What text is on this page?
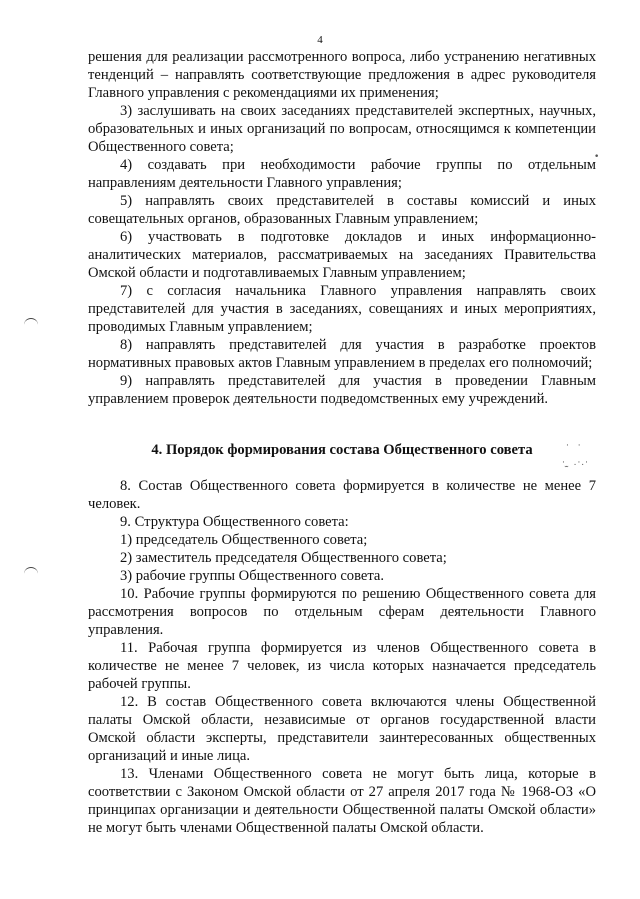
4
•
· ·
· ̫ .·.·

решения для реализации рассмотренного вопроса, либо устранению негативных тенденций – направлять соответствующие предложения в адрес руководителя Главного управления с рекомендациями их применения;

3) заслушивать на своих заседаниях представителей экспертных, научных, образовательных и иных организаций по вопросам, относящимся к компетенции Общественного совета;

4) создавать при необходимости рабочие группы по отдельным направлениям деятельности Главного управления;

5) направлять своих представителей в составы комиссий и иных совещательных органов, образованных Главным управлением;

6) участвовать в подготовке докладов и иных информационно-аналитических материалов, рассматриваемых на заседаниях Правительства Омской области и подготавливаемых Главным управлением;

7) с согласия начальника Главного управления направлять своих представителей для участия в заседаниях, совещаниях и иных мероприятиях, проводимых Главным управлением;

8) направлять представителей для участия в разработке проектов нормативных правовых актов Главным управлением в пределах его полномочий;

9) направлять представителей для участия в проведении Главным управлением проверок деятельности подведомственных ему учреждений.

4. Порядок формирования состава Общественного совета

8. Состав Общественного совета формируется в количестве не менее 7 человек.

9. Структура Общественного совета:

1) председатель Общественного совета;

2) заместитель председателя Общественного совета;

3) рабочие группы Общественного совета.

10. Рабочие группы формируются по решению Общественного совета для рассмотрения вопросов по отдельным сферам деятельности Главного управления.

11. Рабочая группа формируется из членов Общественного совета в количестве не менее 7 человек, из числа которых назначается председатель рабочей группы.

12. В состав Общественного совета включаются члены Общественной палаты Омской области, независимые от органов государственной власти Омской области эксперты, представители заинтересованных общественных организаций и иные лица.

13. Членами Общественного совета не могут быть лица, которые в соответствии с Законом Омской области от 27 апреля 2017 года № 1968-ОЗ «О принципах организации и деятельности Общественной палаты Омской области» не могут быть членами Общественной палаты Омской области.
